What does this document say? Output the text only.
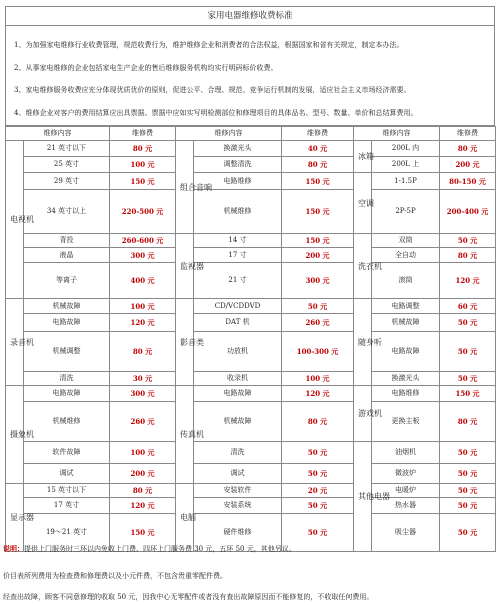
家用电器维修收费标准

1、为加强家电维修行业收费管理，规范收费行为，维护维修企业和消费者的合法权益，根据国家和省有关规定，制定本办法。

2、从事家电维修的企业包括家电生产企业的售后维修服务机构均实行明码标价收费。

3、家电维修服务收费应充分体现优质优价的原则，促进公平、合理、规范、竞争运行机制的发展，适应社会主义市场经济需要。

4、维修企业对客户的费用结算应出具票据。票据中应如实写明检测部位和修理项目的具体品名、型号、数量、单价和总结算费用。

维修内容		维修费	维修内容		维修费	维修内容		维修费

电视机	21 英寸以下	80 元	组合音响	换激光头	40 元	冰箱	200L 内	80 元
	25 英寸	100 元		调整清洗	80 元		200L 上	200 元
	29 英寸	150 元		电路维修	150 元	空调	1-1.5P	80-150 元
	34 英寸以上	220-500 元		机械维修	150 元		2P-5P	200-400 元
	背投	260-600 元	监视器	14 寸	150 元	洗衣机	双筒	50 元
	液晶	300 元		17 寸	200 元		全自动	80 元
	等离子	400 元		21 寸	300 元		滚筒	120 元

录音机	机械故障	100 元	影音类	CD/VCDDVD	50 元	随身听	电路调整	60 元
	电路故障	120 元		DAT 机	260 元		机械故障	50 元
	机械调整	80 元		功放机	100-300 元		电路故障	50 元
	清洗	30 元		收录机	100 元		换激光头	50 元

摄象机	电路故障	300 元	传真机	电路故障	120 元	游戏机	电路维修	150 元
	机械维修	260 元		机械故障	80 元		更换主板	80 元
	软件故障	100 元		清洗	50 元	其他电器	油烟机	50 元
	调试	200 元		调试	50 元		微波炉	50 元

显示器	15 英寸以下	80 元	电脑	安装软件	20 元		电暖炉	50 元
	17 英寸	120 元		安装系统	50 元		热水器	50 元
	19～21 英寸	150 元		硬件维修	50 元		吸尘器	50 元

说明：提供上门服务时三环以内免收上门费、四环上门服务费 30 元，五环 50 元，其他另议。

价目表所列费用为检查费和修理费以及小元件费，不包含贵重零配件费。

经查出故障，顾客不同意修理的收取 50 元，因我中心无零配件或者没有查出故障原因而不能修复的，不收取任何费用。
